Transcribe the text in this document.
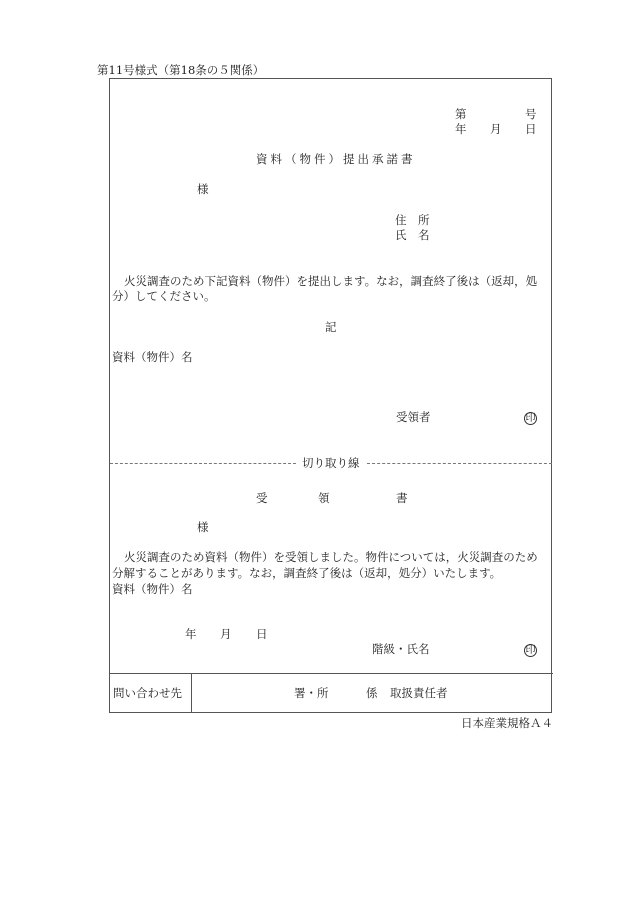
第11号様式（第18条の５関係）
第	号
年 月 日
資料（物件）提出承諾書
様
住　所
氏　名
火災調査のため下記資料（物件）を提出します。なお，調査終了後は（返却，処
分）してください。
記
資料（物件）名
受領者	印
切り取り線
受	領	書
様
火災調査のため資料（物件）を受領しました。物件については，火災調査のため
分解することがあります。なお，調査終了後は（返却，処分）いたします。
資料（物件）名
年 月 日
階級・氏名	印
問い合わせ先	署・所	係 取扱責任者
日本産業規格Ａ４
